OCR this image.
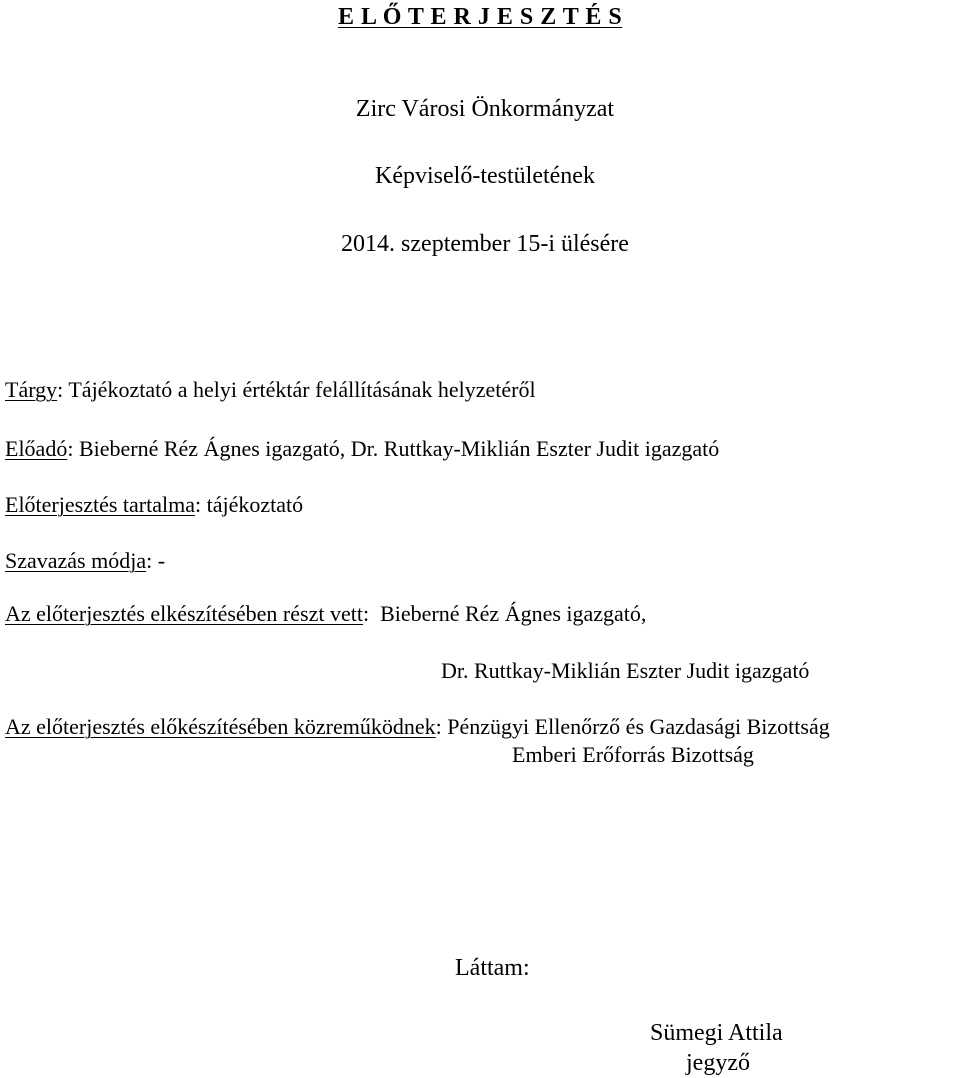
E L Ő T E R J E S Z T É S
Zirc Városi Önkormányzat
Képviselő-testületének
2014. szeptember 15-i ülésére
Tárgy: Tájékoztató a helyi értéktár felállításának helyzetéről
Előadó: Bieberné Réz Ágnes igazgató, Dr. Ruttkay-Miklián Eszter Judit igazgató
Előterjesztés tartalma: tájékoztató
Szavazás módja: -
Az előterjesztés elkészítésében részt vett:  Bieberné Réz Ágnes igazgató,
Dr. Ruttkay-Miklián Eszter Judit igazgató
Az előterjesztés előkészítésében közreműködnek: Pénzügyi Ellenőrző és Gazdasági Bizottság
Emberi Erőforrás Bizottság
Láttam:
Sümegi Attila
jegyző
